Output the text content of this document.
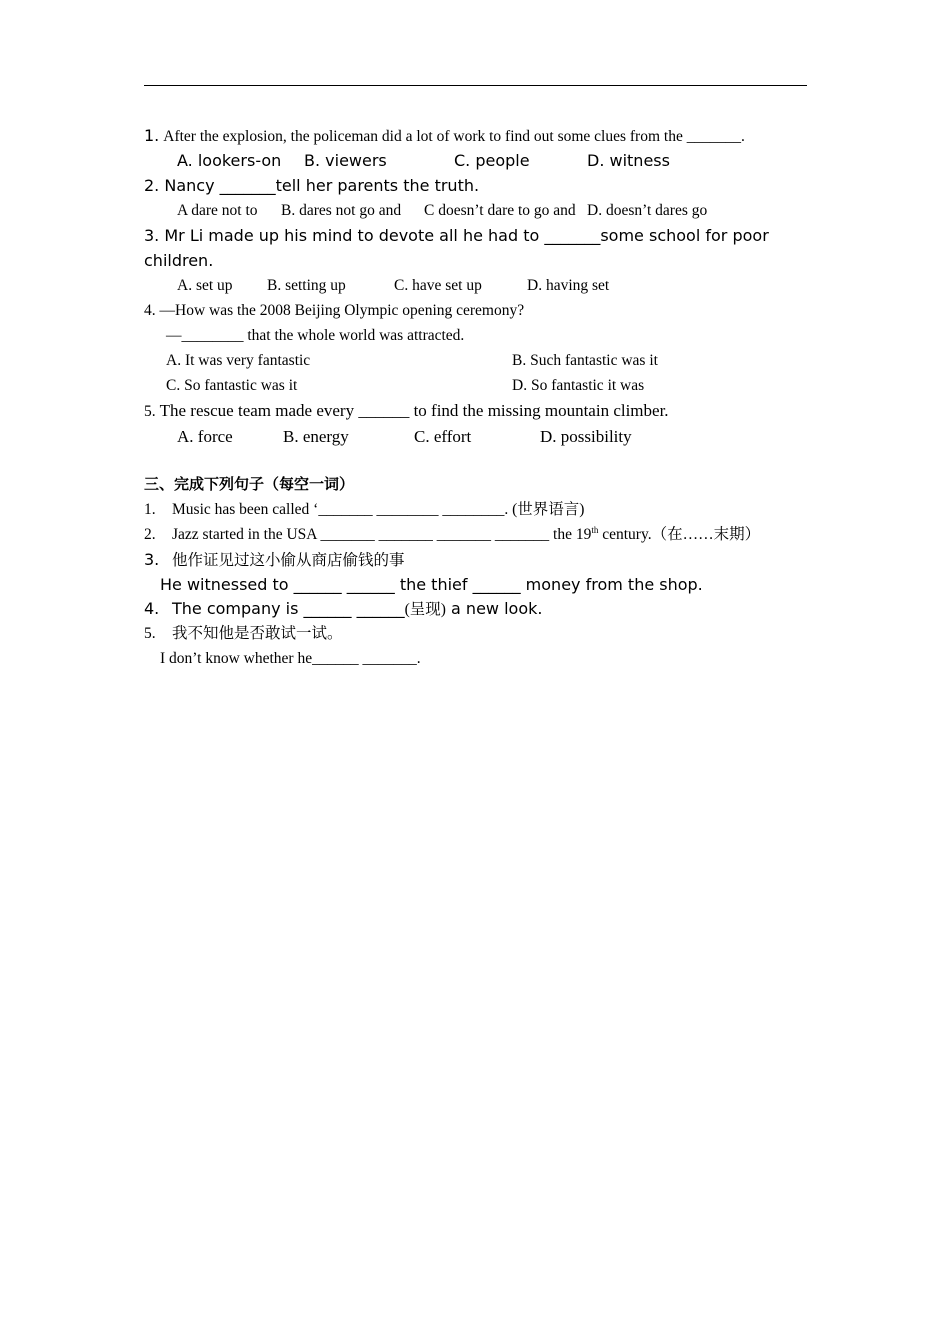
1. After the explosion, the policeman did a lot of work to find out some clues from the _______.
A. lookers-on B. viewers	C. people	D. witness
2. Nancy _______tell her parents the truth.
A dare not to B. dares not go and C doesn’t dare to go and D. doesn’t dares go
3. Mr Li made up his mind to devote all he had to _______some school for poor
children.
A. set up B. setting up	C. have set up	D. having set
4. —How was the 2008 Beijing Olympic opening ceremony?
—________ that the whole world was attracted.
A. It was very fantastic	B. Such fantastic was it
C. So fantastic was it	D. So fantastic it was
5. The rescue team made every ______ to find the missing mountain climber.
A. force	B. energy	C. effort	D. possibility
三、完成下列句子（每空一词）
1. Music has been called ‘_______ ________ ________. (世界语言)
2. Jazz started in the USA _______ _______ _______ _______ the 19th century.（在……末期）
3. 他作证见过这小偷从商店偷钱的事
He witnessed to ______ ______ the thief ______ money from the shop.
4. The company is ______ ______(呈现) a new look.
5. 我不知他是否敢试一试。
I don’t know whether he______ _______.
